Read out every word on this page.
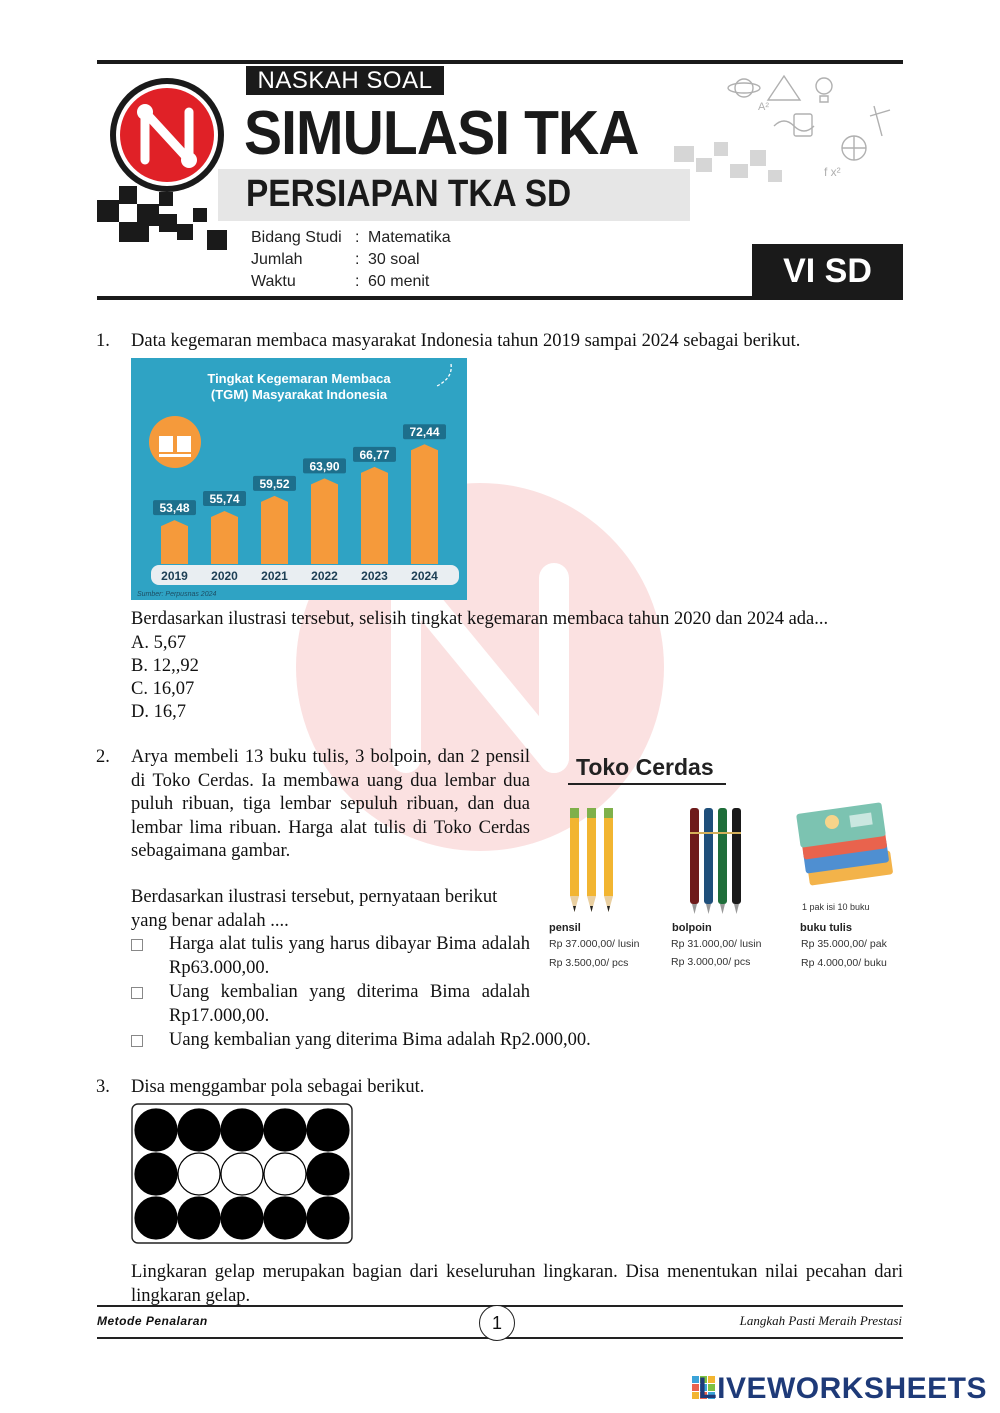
NASKAH SOAL
SIMULASI TKA
PERSIAPAN TKA SD
Bidang Studi : Matematika
Jumlah	: 30 soal
Waktu	: 60 menit	VI SD
f x²
A²
1. Data kegemaran membaca masyarakat Indonesia tahun 2019 sampai 2024 sebagai berikut.
Tingkat Kegemaran Membaca
(TGM) Masyarakat Indonesia
Sumber: Perpusnas 2024
53,48
2019
55,74
2020
59,52
2021
63,90
2022
66,77
2023
72,44
2024
Berdasarkan ilustrasi tersebut, selisih tingkat kegemaran membaca tahun 2020 dan 2024 ada...
A. 5,67
B. 12,,92
C. 16,07
D. 16,7
2. Arya membeli 13 buku tulis, 3 bolpoin, dan 2 pensil di Toko Cerdas. Ia membawa uang dua lembar dua puluh ribuan, tiga lembar sepuluh ribuan, dan dua lembar lima ribuan. Harga alat tulis di Toko Cerdas sebagaimana gambar.
Berdasarkan ilustrasi tersebut, pernyataan berikut yang benar adalah ....
Harga alat tulis yang harus dibayar Bima adalah Rp63.000,00.
Uang kembalian yang diterima Bima adalah Rp17.000,00.
Uang kembalian yang diterima Bima adalah Rp2.000,00.
Toko Cerdas
1 pak isi 10 buku
pensil
Rp 37.000,00/ lusin
Rp 3.500,00/ pcs
bolpoin
Rp 31.000,00/ lusin
Rp 3.000,00/ pcs
buku tulis
Rp 35.000,00/ pak
Rp 4.000,00/ buku
3. Disa menggambar pola sebagai berikut.
Lingkaran gelap merupakan bagian dari keseluruhan lingkaran. Disa menentukan nilai pecahan dari lingkaran gelap.
Metode Penalaran	1	Langkah Pasti Meraih Prestasi
LIVEWORKSHEETS
